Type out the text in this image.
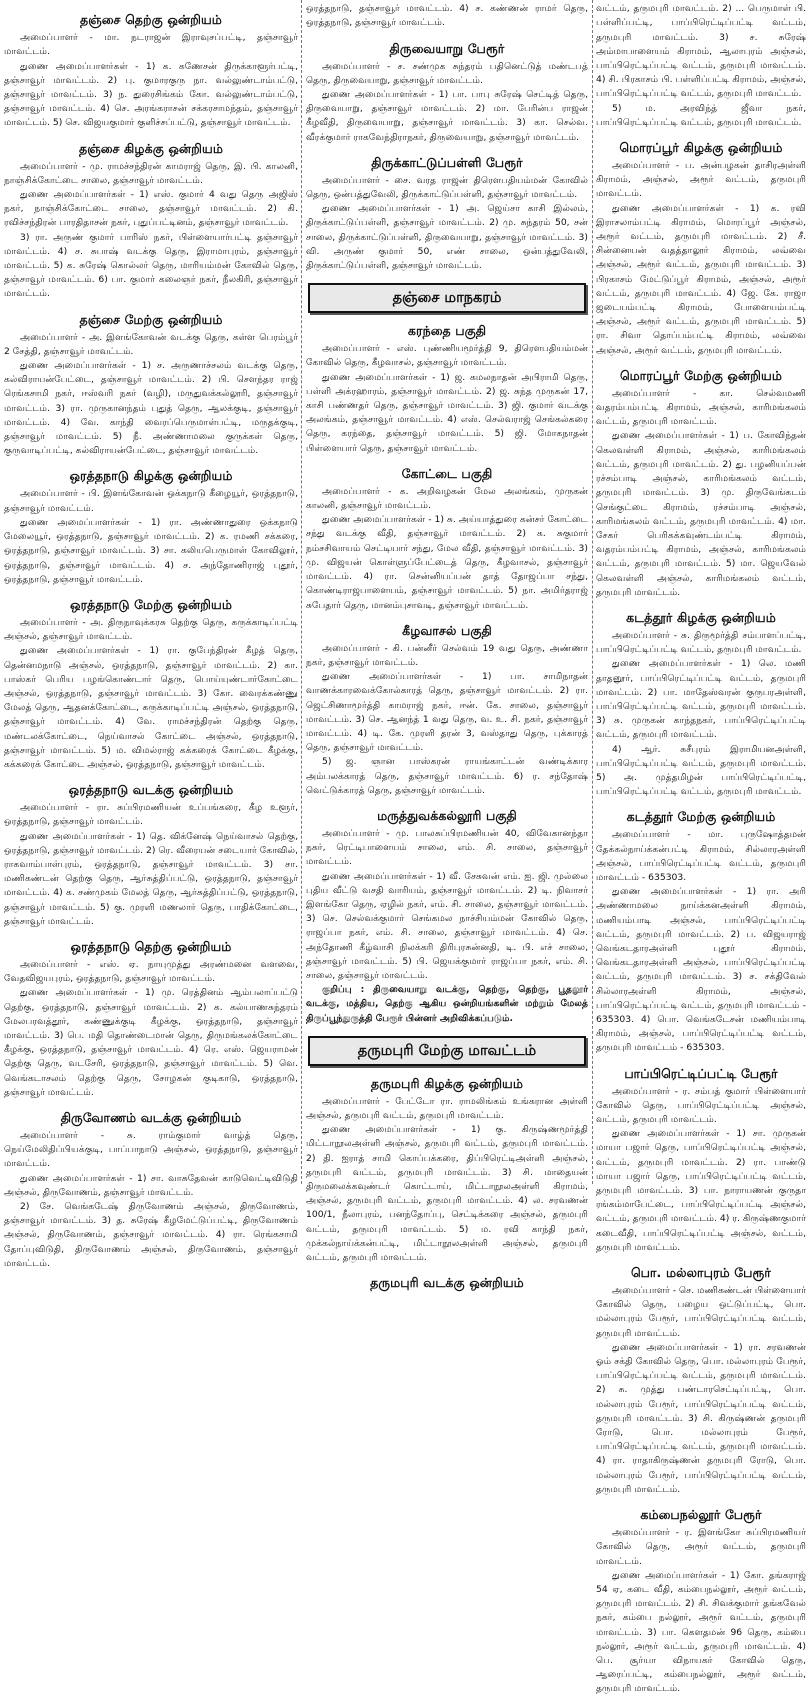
தஞ்சை தெற்கு ஒன்றியம்

அமைப்பாளர் - மா. நடராஜன் இராவுசப்பட்டி, தஞ்சாவூர் மாவட்டம்.

துணை அமைப்பாளர்கள் - 1) க. கணேசன் திருக்காளூர்பட்டி, தஞ்சாவூர் மாவட்டம். 2) பு. குமாரகுரு நா. வல்லுண்டாம்பட்டு, தஞ்சாவூர் மாவட்டம். 3) ந. துரைசிங்கம் கோ. வல்லுண்டாம்பட்டு, தஞ்சாவூர் மாவட்டம். 4) செ. அரங்கராசன் சக்கரசாமந்தம், தஞ்சாவூர் மாவட்டம். 5) செ. விஜயகுமார் குளிச்சப்பட்டு, தஞ்சாவூர் மாவட்டம்.

தஞ்சை கிழக்கு ஒன்றியம்

அமைப்பாளர் - மு. ராமச்சந்திரன் காமராஜ் தெரு, இ. பி. காலனி, நாஞ்சிக்கோட்டை சாலை, தஞ்சாவூர் மாவட்டம்.

துணை அமைப்பாளர்கள் - 1) எஸ். குமார் 4 வது தெரு அஜிஸ் நகர், நாஞ்சிக்கோட்டை சாலை, தஞ்சாவூர் மாவட்டம். 2) கி. ரவிச்சந்திரன் பாரதிதாசன் நகர், புதுப்பட்டினம், தஞ்சாவூர் மாவட்டம்.

3) ரா. அருண் குமார் பாரிஸ் நகர், பிள்ளையார்பட்டி தஞ்சாவூர் மாவட்டம். 4) ச. சுபாஷ் வடக்கு தெரு, இராமாபுரம், தஞ்சாவூர் மாவட்டம். 5) க. சுரேஷ் கொல்லர் தெரு, மாரியம்மன் கோவில் தெரு, தஞ்சாவூர் மாவட்டம். 6) பா. குமார் கலைஞர் நகர், நீலகிரி, தஞ்சாவூர் மாவட்டம்.

தஞ்சை மேற்கு ஒன்றியம்

அமைப்பாளர் - அ. இளங்கோவன் வடக்கு தெரு, கள்ள பெரம்பூர் 2 சேத்தி, தஞ்சாவூர் மாவட்டம்.

துணை அமைப்பாளர்கள் - 1) ச. அருணாச்சலம் வடக்கு தெரு, கல்விராயன்பேட்டை, தஞ்சாவூர் மாவட்டம். 2) பி. சௌந்தர ராஜ் ரெங்கசாமி நகர், ஈஸ்வரி நகர் (வழி), மருதுவக்கல்லூரி, தஞ்சாவூர் மாவட்டம். 3) ரா. முருகானந்தம் புதுத் தெரு, ஆலக்குடி, தஞ்சாவூர் மாவட்டம். 4) வே. காந்தி வைரப்பெருமாள்பட்டி, மருதக்குடி, தஞ்சாவூர் மாவட்டம். 5) நீ. அண்ணாமலை குருக்கள் தெரு, குருவாடிப்பட்டி, கல்விராயன்பேட்டை, தஞ்சாவூர் மாவட்டம்.

ஒரத்தநாடு கிழக்கு ஒன்றியம்

அமைப்பாளர் - பி. இளங்கோவன் ஒக்கநாடு கீழையூர், ஒரத்தநாடு, தஞ்சாவூர் மாவட்டம்.

துணை அமைப்பாளர்கள் - 1) ரா. அண்ணாதுரை ஒக்கநாடு மேலையூர், ஒரத்தநாடு, தஞ்சாவூர் மாவட்டம். 2) க. ரமணி சக்கரை, ஒரத்தநாடு, தஞ்சாவூர் மாவட்டம். 3) சா. கலியபெருமாள் கோவிலூர், ஒரத்தநாடு, தஞ்சாவூர் மாவட்டம். 4) ச. அந்தோணிராஜ் புதூர், ஒரத்தநாடு, தஞ்சாவூர் மாவட்டம்.

ஒரத்தநாடு மேற்கு ஒன்றியம்

அமைப்பாளர் - அ. திருநாவுக்கரசு தெற்கு தெரு, கருக்காடிப்பட்டி அஞ்சல், தஞ்சாவூர் மாவட்டம்.

துணை அமைப்பாளர்கள் - 1) ரா. குபேந்திரன் கீழத் தெரு, தென்னமநாடு அஞ்சல், ஒரத்தநாடு, தஞ்சாவூர் மாவட்டம். 2) கா. பாஸ்கர் பெரிய பழங்கொண்டார் தெரு, பொய்யுண்டார்கோட்டை அஞ்சல், ஒரத்தநாடு, தஞ்சாவூர் மாவட்டம். 3) கோ. வைரக்கண்ணு மேலத் தெரு, ஆதனக்கோட்டை, கருக்காடிப்பட்டி அஞ்சல், ஒரத்தநாடு, தஞ்சாவூர் மாவட்டம். 4) வே. ராமச்சந்திரன் தெற்கு தெரு, மண்டலக்கோட்டை, நெய்வாசல் கோட்டை அஞ்சல், ஒரத்தநாடு, தஞ்சாவூர் மாவட்டம். 5) ம. விமல்ராஜ் கக்கரைக் கோட்டை கீழக்கு, கக்கரைக் கோட்டை அஞ்சல், ஒரத்தநாடு, தஞ்சாவூர் மாவட்டம்.

ஒரத்தநாடு வடக்கு ஒன்றியம்

அமைப்பாளர் - ரா. சுப்பிரமணியன் உப்பங்கரை, கீழ உளூர், ஒரத்தநாடு, தஞ்சாவூர் மாவட்டம்.

துணை அமைப்பாளர்கள் - 1) தெ. விக்னேஷ் நெய்வாசல் தெற்கு, ஒரத்தநாடு, தஞ்சாவூர் மாவட்டம். 2) ரெ. வீரையன் சடையார் கோவில், ராகவாம்பாள்புரம், ஒரத்தநாடு, தஞ்சாவூர் மாவட்டம். 3) சா. மணிகண்டன் தெற்கு தெரு, ஆர்சுத்திப்பட்டு, ஒரத்தநாடு, தஞ்சாவூர் மாவட்டம். 4) க. சண்முகம் மேலத் தெரு, ஆர்சுத்திப்பட்டு, ஒரத்தநாடு, தஞ்சாவூர் மாவட்டம். 5) கு. முரளி மணலார் தெரு, பாதிக்கோட்டை, தஞ்சாவூர் மாவட்டம்.

ஒரத்தநாடு தெற்கு ஒன்றியம்

அமைப்பாளர் - எஸ். ஏ. நாயுமுத்து அரண்மனை வளவை, வேதவிஜயபுரம், ஒரத்தநாடு, தஞ்சாவூர் மாவட்டம்.

துணை அமைப்பாளர்கள் - 1) மு. ரெத்தினம் ஆம்பலாப்பட்டு தெற்கு, ஒரத்தநாடு, தஞ்சாவூர் மாவட்டம். 2) க. கல்யாணசுந்தரம் மேலபரவத்தூர், கண்ணுக்குடி கீழக்கு, ஒரத்தநாடு, தஞ்சாவூர் மாவட்டம். 3) பெ. மதி தொண்டைமான் தெரு, திருமங்கலக்கோட்டை கீழக்கு, ஒரத்தநாடு, தஞ்சாவூர் மாவட்டம். 4) ரெ. எஸ். ஜெயராமன் தெற்கு தெரு, வடசேரி, ஒரத்தநாடு, தஞ்சாவூர் மாவட்டம். 5) வெ. வெங்கடாசலம் தெற்கு தெரு, சோழகன் குடிகாடு, ஒரத்தநாடு, தஞ்சாவூர் மாவட்டம்.

திருவோணம் வடக்கு ஒன்றியம்

அமைப்பாளர் - சு. ராம்குமார் வாழ்த் தெரு, நெய்மேலிதிப்பியக்குடி, பாப்பாநாடு அஞ்சல், ஒரத்தநாடு, தஞ்சாவூர் மாவட்டம்.

துணை அமைப்பாளர்கள் - 1) சா. வாசுதேவன் காடுவெட்டிவிடுதி அஞ்சல், திருவோணம், தஞ்சாவூர் மாவட்டம்.

2) சே. வெங்கடேஷ் திருவோணம் அஞ்சல், திருவோணம், தஞ்சாவூர் மாவட்டம். 3) த. சுரேஷ் கீழமேட்டுப்பட்டி, திருவோணம் அஞ்சல், திருவோணம், தஞ்சாவூர் மாவட்டம். 4) ரா. ரெங்கசாமி தோப்புவிடுதி, திருவோணம் அஞ்சல், திருவோணம், தஞ்சாவூர் மாவட்டம்.

ஒரத்தநாடு, தஞ்சாவூர் மாவட்டம். 4) ச. கண்ணன் ராமர் தெரு, ஒரத்தநாடு, தஞ்சாவூர் மாவட்டம்.

திருவையாறு பேரூர்

அமைப்பாளர் - ச. சண்முக சுந்தரம் பதினெட்டுத் மண்டபத் தெரு, திருவையாறு, தஞ்சாவூர் மாவட்டம்.

துணை அமைப்பாளர்கள் - 1) பா. பாபு சுரேஷ் செட்டித் தெரு, திருவையாறு, தஞ்சாவூர் மாவட்டம். 2) மா. பேரின்ப ராஜன் கீழவீதி, திருவையாறு, தஞ்சாவூர் மாவட்டம். 3) கா. செல்வ. வீரக்குமார் ராகவேந்திராநகர், திருவையாறு, தஞ்சாவூர் மாவட்டம்.

திருக்காட்டுப்பள்ளி பேரூர்

அமைப்பாளர் - சை. வரத ராஜன் திரௌபதியம்மன் கோவில் தெரு, ஒன்பத்துவேலி, திருக்காட்டுப்பள்ளி, தஞ்சாவூர் மாவட்டம்.

துணை அமைப்பாளர்கள் - 1) அ. ஜெய்சா காசி இல்லம், திருக்காட்டுப்பள்ளி, தஞ்சாவூர் மாவட்டம். 2) மு. சுந்தரம் 50, சன் சாலை, திருக்காட்டுப்பள்ளி, திருவையாறு, தஞ்சாவூர் மாவட்டம். 3) வி. அருண் குமார் 50, எண் சாலை, ஒன்பத்துவேலி, திருக்காட்டுப்பள்ளி, தஞ்சாவூர் மாவட்டம்.

தஞ்சை மாநகரம்
கரந்தை பகுதி

அமைப்பாளர் - எஸ். புண்ணியமூர்த்தி 9, திரௌபதியம்மன் கோவில் தெரு, கீழவாசல், தஞ்சாவூர் மாவட்டம்.

துணை அமைப்பாளர்கள் - 1) ஜ. கமலநாதன் அபிராமி தெரு, பள்ளி அக்ரஹாரம், தஞ்சாவூர் மாவட்டம். 2) ஜ. சுந்த முருகன் 17, காசி பண்ணதர் தெரு, தஞ்சாவூர் மாவட்டம். 3) ஜி. குமார் வடக்கு அலங்கம், தஞ்சாவூர் மாவட்டம். 4) எஸ். செல்வராஜ் செங்கல்கரை தெரு, கரந்தை, தஞ்சாவூர் மாவட்டம். 5) ஜி. மோகநாதன் பிள்ளையார் தெரு, தஞ்சாவூர் மாவட்டம்.

கோட்டை பகுதி

அமைப்பாளர் - க. அறிவழகன் மேல அலங்கம், முருகன் காலனி, தஞ்சாவூர் மாவட்டம்.

துணை அமைப்பாளர்கள் - 1) சு. அய்யாத்துரை கன்சர் கோட்டை சந்து வடக்கு வீதி, தஞ்சாவூர் மாவட்டம். 2) க. சுகுமார் நம்சசிவாயம் செட்டியார் சந்து, மேல வீதி, தஞ்சாவூர் மாவட்டம். 3) மு. விஜயன் கொள்ளுப்பேட்டைத் தெரு, கீழவாசல், தஞ்சாவூர் மாவட்டம். 4) ரா. சென்னியப்பன் தாத் தோஜப்பா சந்து, கொண்டிராஜபாளையம், தஞ்சாவூர் மாவட்டம். 5) நா. அமிர்தராஜ் சுபேதார் தெரு, மானம்புசாவடி, தஞ்சாவூர் மாவட்டம்.

கீழவாசல் பகுதி

அமைப்பாளர் - கி. பன்னீர் செல்வம் 19 வது தெரு, அண்ணா நகர், தஞ்சாவூர் மாவட்டம்.

துணை அமைப்பாளர்கள் - 1) பா. சாமிநாதன் வாணக்காரவைக்கோல்காரத் தெரு, தஞ்சாவூர் மாவட்டம். 2) ரா. ஜெட்சிணாமூர்த்தி காமராஜ் நகர், ஈன். கே. சாலை, தஞ்சாவூர் மாவட்டம். 3) செ. ஆனந்த் 1 வது தெரு, வ. உ. சி. நகர், தஞ்சாவூர் மாவட்டம். 4) டி. கே. முரளி தரன் 3, வஸ்தாது தெரு, புக்காரத் தெரு, தஞ்சாவூர் மாவட்டம்.

5) ஜ. ஞான பாஸ்கரன் ராயங்காட்டன் வண்டிக்கார அம்பலக்காரத் தெரு, தஞ்சாவூர் மாவட்டம். 6) ர. சந்தோஷ் வெட்டுக்காரத் தெரு, தஞ்சாவூர் மாவட்டம்.

மருத்துவக்கல்லூரி பகுதி

அமைப்பாளர் - மு. பாலசுப்பிரமணியன் 40, விவேகானந்தா நகர், ரெட்டிபாளையம் சாலை, எம். சி. சாலை, தஞ்சாவூர் மாவட்டம்.

துணை அமைப்பாளர்கள் - 1) வீ. சேசுவன் எம். ஐ. ஜி. முல்லை புதிய வீட்டு வசதி வாரியம், தஞ்சாவூர் மாவட்டம். 2) டி. நிவாசர் இளங்கோ தெரு, ஏழில் நகர், எம். சி. சாலை, தஞ்சாவூர் மாவட்டம். 3) செ. செல்வக்குமார் செங்கமல நாச்சியம்மன் கோவில் தெரு, ராஜப்பா நகர், எம். சி. சாலை, தஞ்சாவூர் மாவட்டம். 4) செ. அந்தோணி கீழ்வாசி நிலக்கரி திரிபுரசுன்னதி, டி. பி. எச் சாலை, தஞ்சாவூர் மாவட்டம். 5) பி. ஜெயக்குமார் ராஜப்பா நகர், எம். சி. சாலை, தஞ்சாவூர் மாவட்டம்.

குறிப்பு : திருவையாறு வடக்கு, தெற்கு, தெற்கு, பூதலூர் வடக்கு, மத்திய, தெற்கு ஆகிய ஒன்றியங்களின் மற்றும் மேலத் திருப்பூந்துருத்தி பேரூர் பின்னர் அறிவிக்கப்படும்.

தருமபுரி மேற்கு மாவட்டம்
தருமபுரி கிழக்கு ஒன்றியம்

அமைப்பாளர் - பேட்டோ ரா. ராமலிங்கம் உங்கரான அள்ளி அஞ்சல், தருமபுரி வட்டம், தருமபுரி மாவட்டம்.

துணை அமைப்பாளர்கள் - 1) கு. கிருஷ்ணமூர்த்தி மிட்டாநூலஅள்ளி அஞ்சல், தருமபுரி வட்டம், தருமபுரி மாவட்டம். 2) தி. ஐராத் சாமி கொப்பக்கரை, திப்பிரெட்டிஅள்ளி அஞ்சல், தருமபுரி வட்டம், தருமபுரி மாவட்டம். 3) சி. மாதையன் திருமலைக்கவுண்டர் கொட்டாய், மிட்டாநூலஅள்ளி கிராமம், அஞ்சல், தருமபுரி வட்டம், தருமபுரி மாவட்டம். 4) ல. சரவணன் 100/1, நீலாபுரம், பனந்தோப்பு, செட்டிக்கரை அஞ்சல், தருமபுரி வட்டம், தருமபுரி மாவட்டம். 5) ம. ரவி காந்தி நகர், முக்கல்நாய்க்கன்பட்டி, மிட்டாநூலஅள்ளி அஞ்சல், தருமபுரி வட்டம், தருமபுரி மாவட்டம்.

தருமபுரி வடக்கு ஒன்றியம்

வட்டம், தருமபுரி மாவட்டம். 2) ... பெருமாள் பி. பள்ளிப்பட்டி, பாப்பிரெட்டிப்பட்டி வட்டம், தருமபுரி மாவட்டம். 3) ச. சுரேஷ் அம்மாபாளையம் கிராமம், ஆலாபுரம் அஞ்சல், பாப்பிரெட்டிப்பட்டி வட்டம், தருமபுரி மாவட்டம். 4) சி. பிரகாசம் பி. பள்ளிப்பட்டி கிராமம், அஞ்சல், பாப்பிரெட்டிப்பட்டி வட்டம், தருமபுரி மாவட்டம்.

5) ம. அரவிந்த் ஜீவா நகர், பாப்பிரெட்டிப்பட்டி வட்டம், தருமபுரி மாவட்டம்.

மொரப்பூர் கிழக்கு ஒன்றியம்

அமைப்பாளர் - ப. அன்பழகன் தாசிரஅள்ளி கிராமம், அஞ்சல், அரூர் வட்டம், தருமபுரி மாவட்டம்.

துணை அமைப்பாளர்கள் - 1) க. ரவி இராசலாம்பட்டி கிராமம், மொரப்பூர் அஞ்சல், அரூர் வட்டம், தருமபுரி மாவட்டம். 2) சீ. சின்னையன் வதத்தாலூர் கிராமம், லவ்வை அஞ்சல், அரூர் வட்டம், தருமபுரி மாவட்டம். 3) பிரகாசம் மேட்டுப்பூர் கிராமம், அஞ்சல், அரூர் வட்டம், தருமபுரி மாவட்டம். 4) ஜே. கே. ராஜா ஜடையம்பட்டி கிராமம், போளையம்பட்டி அஞ்சல், அரூர் வட்டம், தருமபுரி மாவட்டம். 5) ரா. சிவா தொப்பம்பட்டி கிராமம், லவ்வை அஞ்சல், அரூர் வட்டம், தருமபுரி மாவட்டம்.

மொரப்பூர் மேற்கு ஒன்றியம்

அமைப்பாளர் - கா. செல்வமணி வதரம்பம்பட்டி கிராமம், அஞ்சல், காரிமங்கலம் வட்டம், தருமபுரி மாவட்டம்.

துணை அமைப்பாளர்கள் - 1) ப. கோவிந்தன் கெலவள்ளி கிராமம், அஞ்சல், காரிமங்கலம் வட்டம், தருமபுரி மாவட்டம். 2) து. பழனியப்பன் ரச்சம்பாடி அஞ்சல், காரிமங்கலம் வட்டம், தருமபுரி மாவட்டம். 3) மு. திருவேங்கடம் செங்குட்டை கிராமம், ரச்சம்பாடி அஞ்சல், காரிமங்கலம் வட்டம், தருமபுரி மாவட்டம். 4) மா. சேகர் பெரிகக்கவுண்டம்பட்டி கிராமம், வதரம்பம்பட்டி கிராமம், அஞ்சல், காரிமங்கலம் வட்டம், தருமபுரி மாவட்டம். 5) மா. ஜெயவேல் கெலவள்ளி அஞ்சல், காரிமங்கலம் வட்டம், தருமபுரி மாவட்டம்.

கடத்தூர் கிழக்கு ஒன்றியம்

அமைப்பாளர் - சு. திருமூர்த்தி சம்பாளப்பட்டி, பாப்பிரெட்டிப்பட்டி வட்டம், தருமபுரி மாவட்டம்.

துணை அமைப்பாளர்கள் - 1) லெ. மணி தாதனூர், பாப்பிரெட்டிப்பட்டி வட்டம், தருமபுரி மாவட்டம். 2) பா. மாதேஸ்வரன் குருபரஅள்ளி, பாப்பிரெட்டிப்பட்டி வட்டம், தருமபுரி மாவட்டம். 3) சு. முருகன் காந்தநகர், பாப்பிரெட்டிப்பட்டி வட்டம், தருமபுரி மாவட்டம்.

4) ஆர். சுசீபுரம் இராமியனஅள்ளி, பாப்பிரெட்டிப்பட்டி வட்டம், தருமபுரி மாவட்டம். 5) அ. முத்தமிழன் பாப்பிரெட்டிப்பட்டி, பாப்பிரெட்டிப்பட்டி வட்டம், தருமபுரி மாவட்டம்.

கடத்தூர் மேற்கு ஒன்றியம்

அமைப்பாளர் - மா. புருஷோத்தமன் தேக்கல்நாய்க்கன்பட்டி கிராமம், சில்லாரஅள்ளி அஞ்சல், பாப்பிரெட்டிப்பட்டி வட்டம், தருமபுரி மாவட்டம் - 635303.

துணை அமைப்பாளர்கள் - 1) ரா. அரி அண்ணாமலை நாய்க்கனஅள்ளி கிராமம், மணியம்பாடி அஞ்சல், பாப்பிரெட்டிப்பட்டி வட்டம், தருமபுரி மாவட்டம். 2) ப. விஜயராஜ் வெங்கடதாரஅள்ளி புதூர் கிராமம், வெங்கடதாரஅள்ளி அஞ்சல், பாப்பிரெட்டிப்பட்டி வட்டம், தருமபுரி மாவட்டம். 3) ச. சக்திவேல் சில்லாரஅள்ளி கிராமம், அஞ்சல், பாப்பிரெட்டிப்பட்டி வட்டம், தருமபுரி மாவட்டம் - 635303. 4) பொ. வெங்கடேசன் மணியம்பாடி கிராமம், அஞ்சல், பாப்பிரெட்டிப்பட்டி வட்டம், தருமபுரி மாவட்டம் - 635303.

பாப்பிரெட்டிப்பட்டி பேரூர்

அமைப்பாளர் - ர. சம்பத் குமார் பிள்ளையார் கோவில் தெரு, பாப்பிரெட்டிப்பட்டி அஞ்சல், வட்டம், தருமபுரி மாவட்டம்.

துணை அமைப்பாளர்கள் - 1) சா. முருகன் மாயா பஜார் தெரு, பாப்பிரெட்டிப்பட்டி அஞ்சல், வட்டம், தருமபுரி மாவட்டம். 2) ரா. பாண்டு மாயா பஜார் தெரு, பாப்பிரெட்டிப்பட்டி வட்டம், தருமபுரி மாவட்டம். 3) பா. நாராயணன் குருதா ரங்கம்மாபேட்டை, பாப்பிரெட்டிப்பட்டி அஞ்சல், வட்டம், தருமபுரி மாவட்டம். 4) ர. கிருஷ்ணகுமார் கடைவீதி, பாப்பிரெட்டிப்பட்டி அஞ்சல், வட்டம், தருமபுரி மாவட்டம்.

பொ. மல்லாபுரம் பேரூர்

அமைப்பாளர் - செ. மணிகண்டன் பிள்ளையார் கோவில் தெரு, பழைய ஒட்டுப்பட்டி, பொ. மல்லாபுரம் பேரூர், பாப்பிரெட்டிப்பட்டி வட்டம், தருமபுரி மாவட்டம்.

துணை அமைப்பாளர்கள் - 1) ரா. சரவணன் ஓம் சக்தி கோவில் தெரு, பொ. மல்லாபுரம் பேரூர், பாப்பிரெட்டிப்பட்டி வட்டம், தருமபுரி மாவட்டம். 2) சு. முத்து பண்டாரசெட்டிப்பட்டி, பொ. மல்லாபுரம் பேரூர், பாப்பிரெட்டிப்பட்டி வட்டம், தருமபுரி மாவட்டம். 3) சி. கிருஷ்ணன் தருமபுரி ரோடு, பொ. மல்லாபுரம் பேரூர், பாப்பிரெட்டிப்பட்டி வட்டம், தருமபுரி மாவட்டம். 4) ரா. ராதாகிருஷ்ணன் தருமபுரி ரோடு, பொ. மல்லாபுரம் பேரூர், பாப்பிரெட்டிப்பட்டி வட்டம், தருமபுரி மாவட்டம்.

கம்பைநல்லூர் பேரூர்

அமைப்பாளர் - ர. இளங்கோ சுப்பிரமணியர் கோவில் தெரு, அரூர் வட்டம், தருமபுரி மாவட்டம்.

துணை அமைப்பாளர்கள் - 1) கோ. தங்கராஜ் 54 ஏ, கடை வீதி, கம்பைநல்லூர், அரூர் வட்டம், தருமபுரி மாவட்டம். 2) சி. சிவக்குமார் தங்கவேல் நகர், கம்பை நல்லூர், அரூர் வட்டம், தருமபுரி மாவட்டம். 3) பா. கௌதமன் 96 தெரு, கம்பை நல்லூர், அரூர் வட்டம், தருமபுரி மாவட்டம். 4) பெ. சூர்யா விநாயகர் கோவில் தெரு, ஆரைப்பட்டி, கம்பைநல்லூர், அரூர் வட்டம், தருமபுரி மாவட்டம்.
